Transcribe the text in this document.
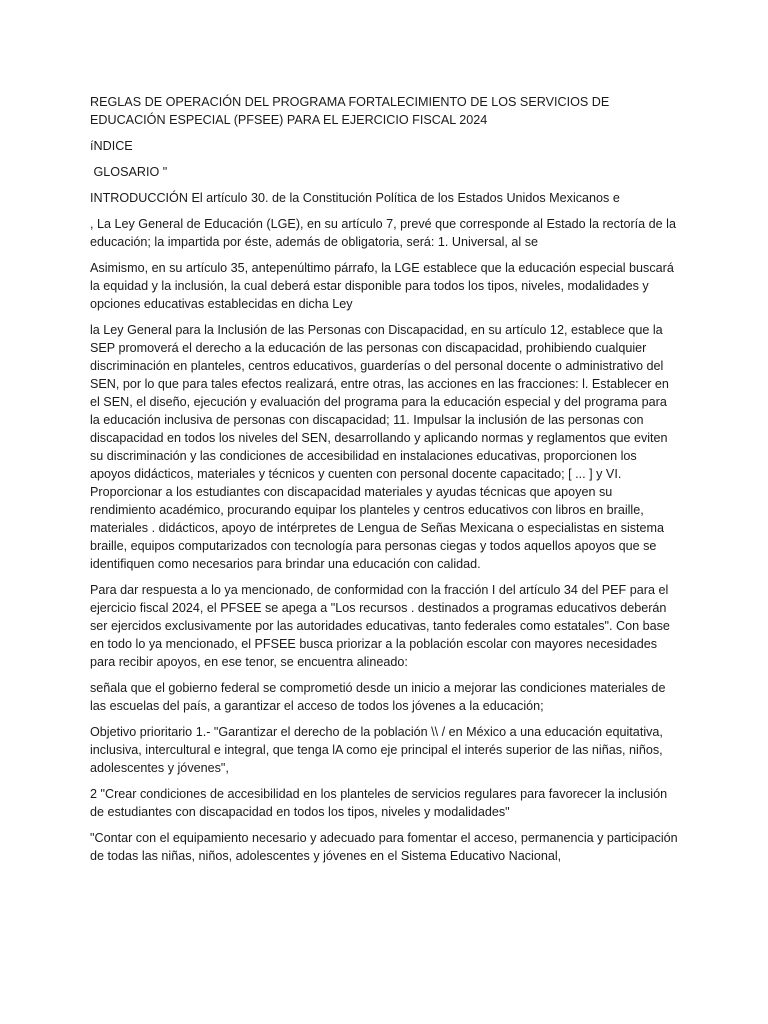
REGLAS DE OPERACIÓN DEL PROGRAMA FORTALECIMIENTO DE LOS SERVICIOS DE EDUCACIÓN ESPECIAL (PFSEE) PARA EL EJERCICIO FISCAL 2024

íNDICE

GLOSARIO "

INTRODUCCIÓN El artículo 30. de la Constitución Política de los Estados Unidos Mexicanos e

, La Ley General de Educación (LGE), en su artículo 7, prevé que corresponde al Estado la rectoría de la educación; la impartida por éste, además de obligatoria, será: 1. Universal, al se

Asimismo, en su artículo 35, antepenúltimo párrafo, la LGE establece que la educación especial buscará la equidad y la inclusión, la cual deberá estar disponible para todos los tipos, niveles, modalidades y opciones educativas establecidas en dicha Ley

la Ley General para la Inclusión de las Personas con Discapacidad, en su artículo 12, establece que la SEP promoverá el derecho a la educación de las personas con discapacidad, prohibiendo cualquier discriminación en planteles, centros educativos, guarderías o del personal docente o administrativo del SEN, por lo que para tales efectos realizará, entre otras, las acciones en las fracciones: l. Establecer en el SEN, el diseño, ejecución y evaluación del programa para la educación especial y del programa para la educación inclusiva de personas con discapacidad; 11. Impulsar la inclusión de las personas con discapacidad en todos los niveles del SEN, desarrollando y aplicando normas y reglamentos que eviten su discriminación y las condiciones de accesibilidad en instalaciones educativas, proporcionen los apoyos didácticos, materiales y técnicos y cuenten con personal docente capacitado; [ ... ] y VI. Proporcionar a los estudiantes con discapacidad materiales y ayudas técnicas que apoyen su rendimiento académico, procurando equipar los planteles y centros educativos con libros en braille, materiales . didácticos, apoyo de intérpretes de Lengua de Señas Mexicana o especialistas en sistema braille, equipos computarizados con tecnología para personas ciegas y todos aquellos apoyos que se identifiquen como necesarios para brindar una educación con calidad.

Para dar respuesta a lo ya mencionado, de conformidad con la fracción I del artículo 34 del PEF para el ejercicio fiscal 2024, el PFSEE se apega a "Los recursos . destinados a programas educativos deberán ser ejercidos exclusivamente por las autoridades educativas, tanto federales como estatales". Con base en todo lo ya mencionado, el PFSEE busca priorizar a la población escolar con mayores necesidades para recibir apoyos, en ese tenor, se encuentra alineado:

señala que el gobierno federal se comprometió desde un inicio a mejorar las condiciones materiales de las escuelas del país, a garantizar el acceso de todos los jóvenes a la educación;

Objetivo prioritario 1.- "Garantizar el derecho de la población \\ / en México a una educación equitativa, inclusiva, intercultural e integral, que tenga lA como eje principal el interés superior de las niñas, niños, adolescentes y jóvenes",

2 "Crear condiciones de accesibilidad en los planteles de servicios regulares para favorecer la inclusión de estudiantes con discapacidad en todos los tipos, niveles y modalidades"

"Contar con el equipamiento necesario y adecuado para fomentar el acceso, permanencia y participación de todas las niñas, niños, adolescentes y jóvenes en el Sistema Educativo Nacional,
